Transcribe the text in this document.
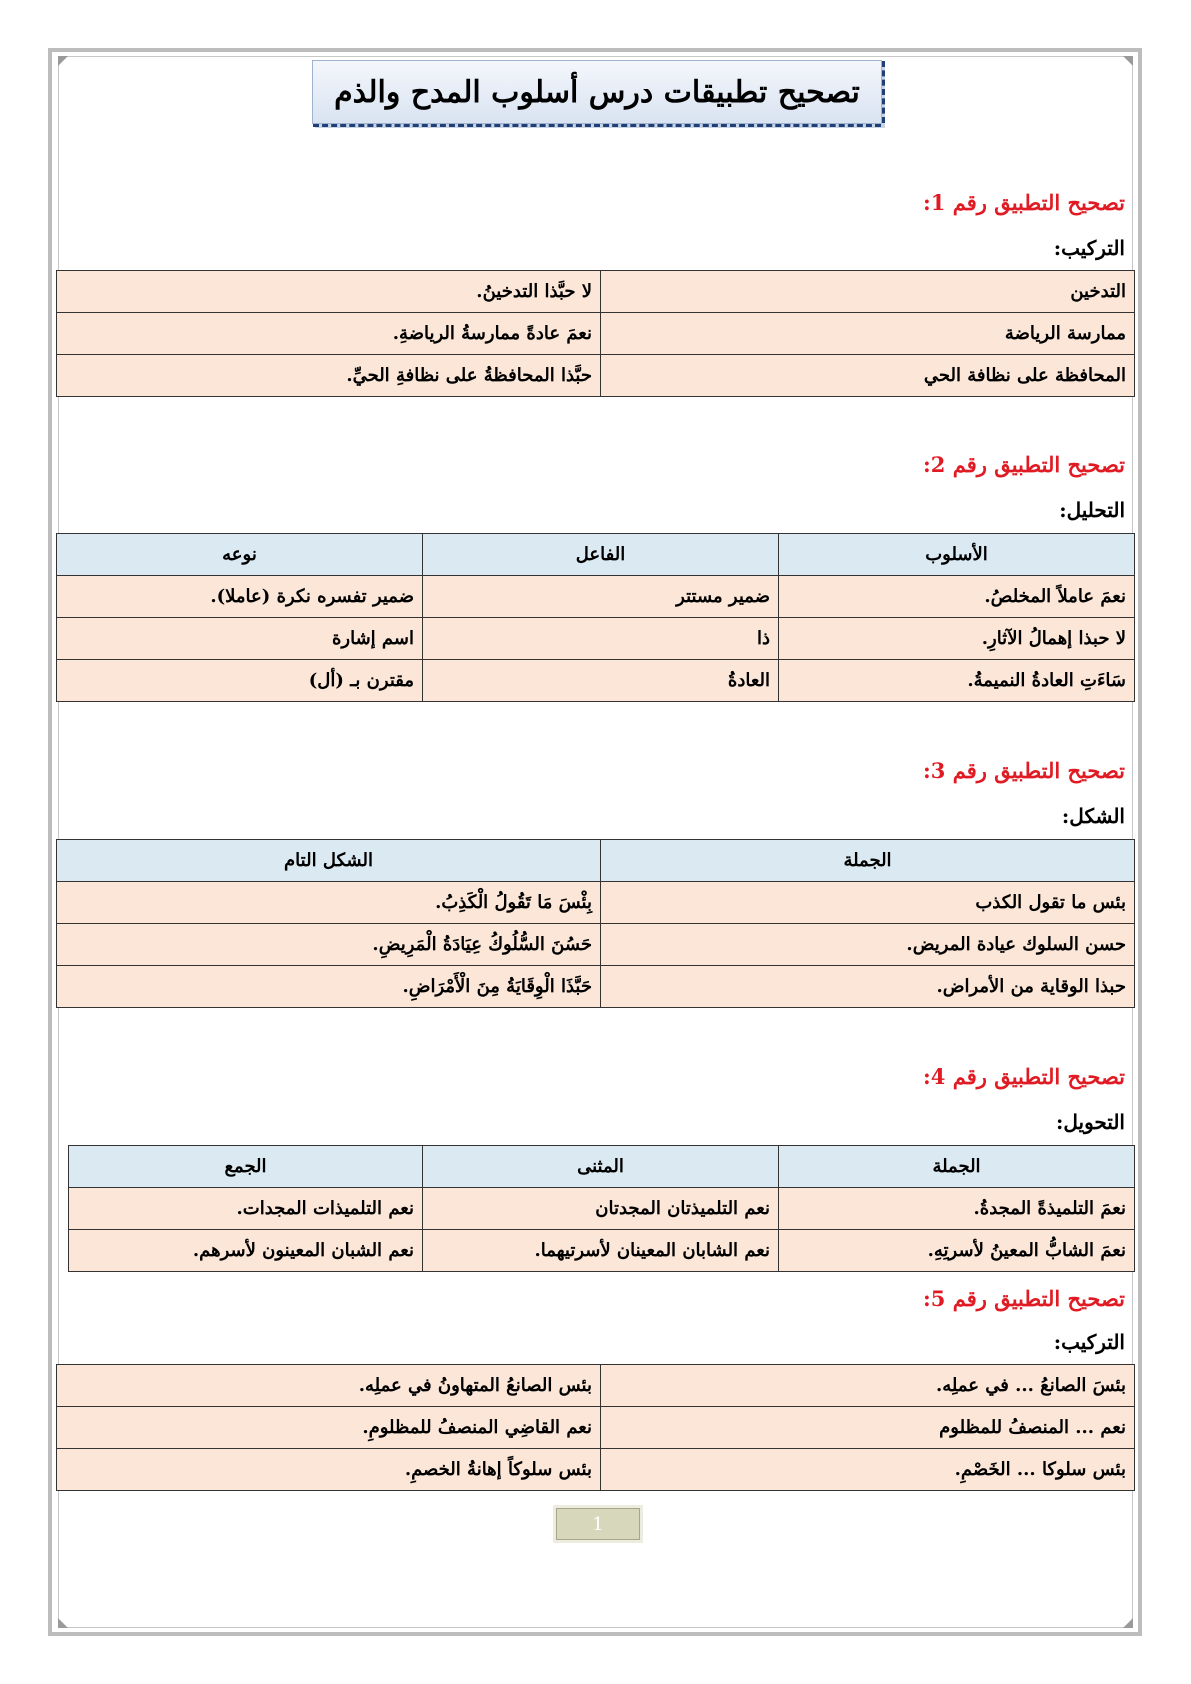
تصحيح تطبيقات درس أسلوب المدح والذم
تصحيح التطبيق رقم 1:
التركيب:
التدخين	لا حبَّذا التدخينُ.
ممارسة الرياضة	نعمَ عادةً ممارسةُ الرياضةِ.
المحافظة على نظافة الحي	حبَّذا المحافظةُ على نظافةِ الحيِّ.
تصحيح التطبيق رقم 2:
التحليل:
الأسلوب	الفاعل	نوعه
نعمَ عاملاً المخلصُ.	ضمير مستتر	ضمير تفسره نكرة (عاملا).
لا حبذا إهمالُ الآثارِ.	ذا	اسم إشارة
سَاءَتِ العادةُ النميمةُ.	العادةُ	مقترن بـ (أل)
تصحيح التطبيق رقم 3:
الشكل:
الجملة	الشكل التام
بئس ما تقول الكذب	بِئْسَ مَا تَقُولُ الْكَذِبُ.
حسن السلوك عيادة المريض.	حَسُنَ السُّلُوكُ عِيَادَةُ الْمَرِيضِ.
حبذا الوقاية من الأمراض.	حَبَّذَا الْوِقَايَةُ مِنَ الْأَمْرَاضِ.
تصحيح التطبيق رقم 4:
التحويل:
الجملة	المثنى	الجمع
نعمَ التلميذةً المجدةُ.	نعم التلميذتان المجدتان	نعم التلميذات المجدات.
نعمَ الشابُّ المعينُ لأسرتِهِ.	نعم الشابان المعينان لأسرتيهما.	نعم الشبان المعينون لأسرهم.
تصحيح التطبيق رقم 5:
التركيب:
بئسَ الصانعُ ... في عملِه.	بئس الصانعُ المتهاونُ في عملِه.
نعم ... المنصفُ للمظلوم	نعم القاضِي المنصفُ للمظلومِ.
بئس سلوكا ... الخَصْمِ.	بئس سلوكاً إهانةُ الخصمِ.
1
